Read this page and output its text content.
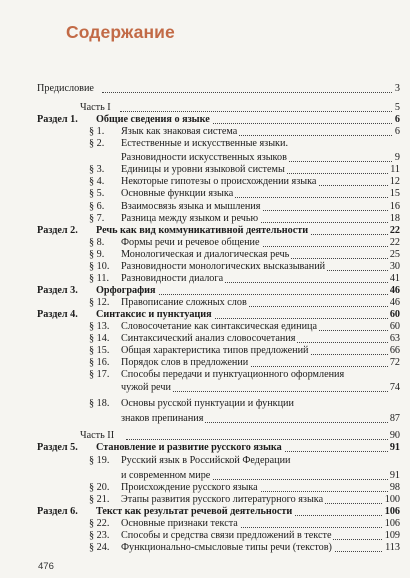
Содержание
Предисловие	3
Часть I	5
Раздел 1. Общие сведения о языке	6
§ 1. Язык как знаковая система	6
§ 2. Естественные и искусственные языки.
Разновидности искусственных языков	9
§ 3. Единицы и уровни языковой системы	11
§ 4. Некоторые гипотезы о происхождении языка	12
§ 5. Основные функции языка	15
§ 6. Взаимосвязь языка и мышления	16
§ 7. Разница между языком и речью	18
Раздел 2. Речь как вид коммуникативной деятельности	22
§ 8. Формы речи и речевое общение	22
§ 9. Монологическая и диалогическая речь	25
§ 10. Разновидности монологических высказываний	30
§ 11. Разновидности диалога	41
Раздел 3. Орфография	46
§ 12. Правописание сложных слов	46
Раздел 4. Синтаксис и пунктуация	60
§ 13. Словосочетание как синтаксическая единица	60
§ 14. Синтаксический анализ словосочетания	63
§ 15. Общая характеристика типов предложений	66
§ 16. Порядок слов в предложении	72
§ 17. Способы передачи и пунктуационного оформления
чужой речи	74
§ 18. Основы русской пунктуации и функции
знаков препинания	87
Часть II	90
Раздел 5. Становление и развитие русского языка	91
§ 19. Русский язык в Российской Федерации
и современном мире	91
§ 20. Происхождение русского языка	98
§ 21. Этапы развития русского литературного языка	100
Раздел 6. Текст как результат речевой деятельности	106
§ 22. Основные признаки текста	106
§ 23. Способы и средства связи предложений в тексте	109
§ 24. Функционально-смысловые типы речи (текстов)	113
476
